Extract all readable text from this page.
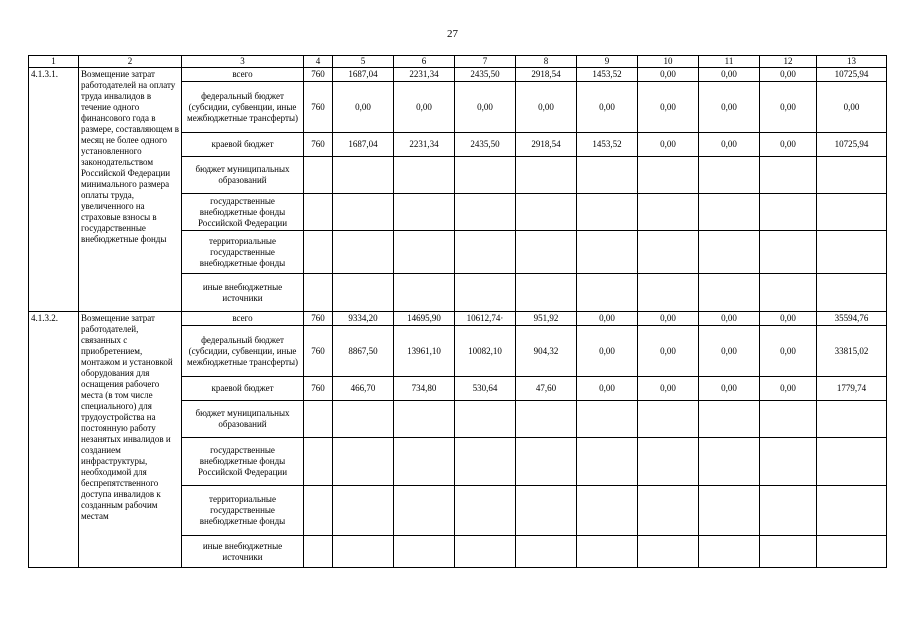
27
1	2	3	4	5	6	7	8	9	10	11	12	13
4.1.3.1.	Возмещение затрат работодателей на оплату труда инвалидов в течение одного финансового года в размере, составляющем в месяц не более одного установленного законодательством Российской Федерации минимального размера оплаты труда, увеличенного на страховые взносы в государственные внебюджетные фонды	всего	760	1687,04	2231,34	2435,50	2918,54	1453,52	0,00	0,00	0,00	10725,94
		федеральный бюджет (субсидии, субвенции, иные межбюджетные трансферты)	760	0,00	0,00	0,00	0,00	0,00	0,00	0,00	0,00	0,00
		краевой бюджет	760	1687,04	2231,34	2435,50	2918,54	1453,52	0,00	0,00	0,00	10725,94
		бюджет муниципальных образований										
		государственные внебюджетные фонды Российской Федерации										
		территориальные государственные внебюджетные фонды										
		иные внебюджетные источники										
4.1.3.2.	Возмещение затрат работодателей, связанных с приобретением, монтажом и установкой оборудования для оснащения рабочего места (в том числе специального) для трудоустройства на постоянную работу незанятых инвалидов и созданием инфраструктуры, необходимой для беспрепятственного доступа инвалидов к созданным рабочим местам	всего	760	9334,20	14695,90	10612,74·	951,92	0,00	0,00	0,00	0,00	35594,76
		федеральный бюджет (субсидии, субвенции, иные межбюджетные трансферты)	760	8867,50	13961,10	10082,10	904,32	0,00	0,00	0,00	0,00	33815,02
		краевой бюджет	760	466,70	734,80	530,64	47,60	0,00	0,00	0,00	0,00	1779,74
		бюджет муниципальных образований										
		государственные внебюджетные фонды Российской Федерации										
		территориальные государственные внебюджетные фонды										
		иные внебюджетные источники										
